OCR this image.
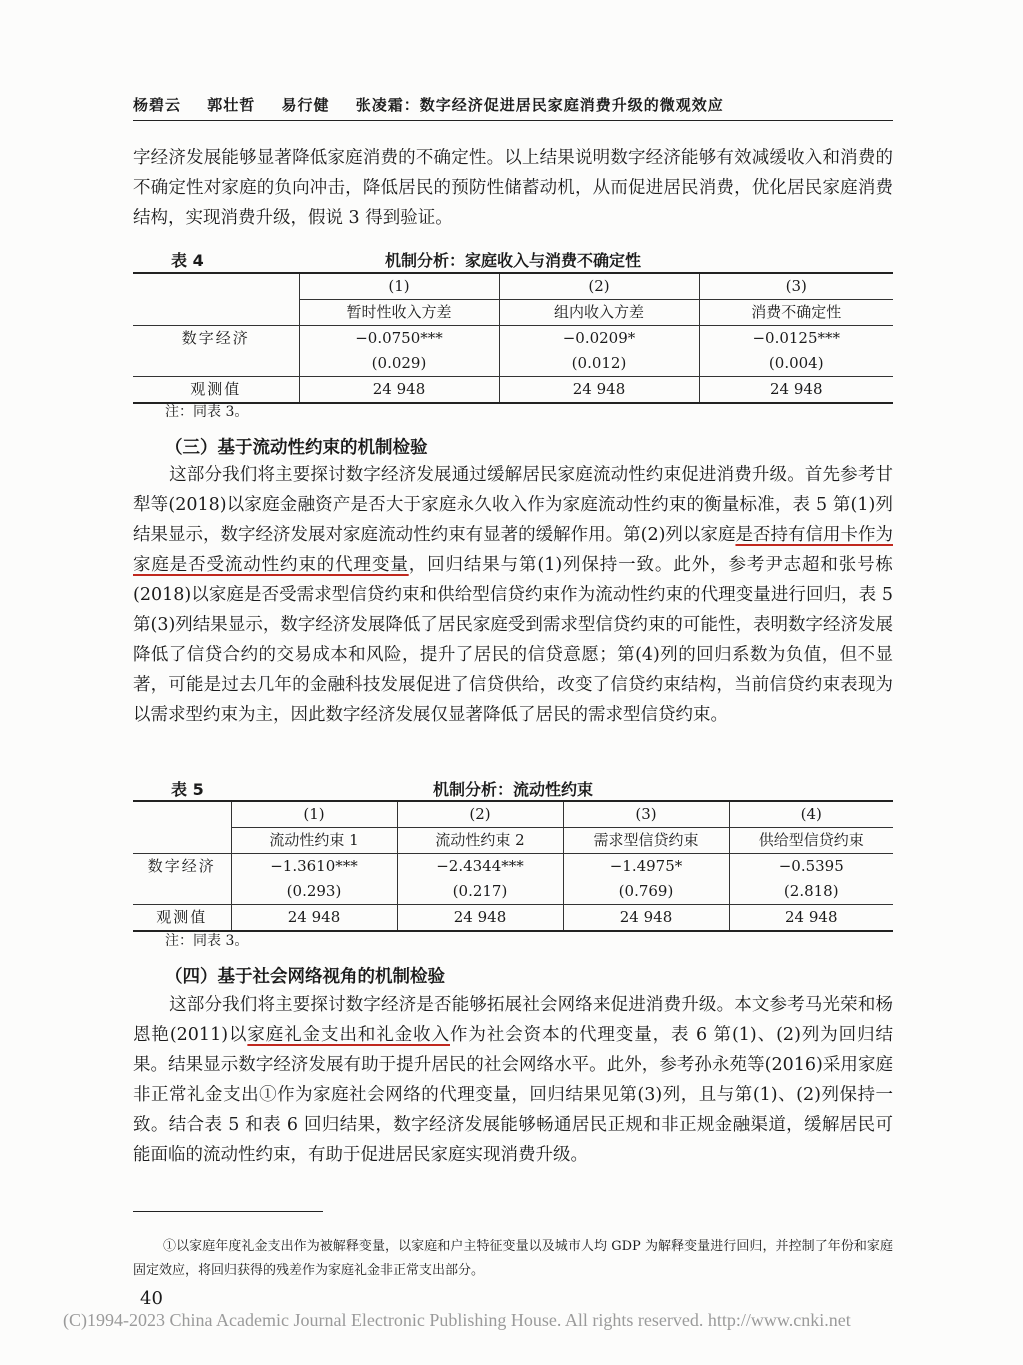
杨碧云 郭壮哲 易行健 张凌霜：数字经济促进居民家庭消费升级的微观效应

字经济发展能够显著降低家庭消费的不确定性。以上结果说明数字经济能够有效减缓收入和消费的不确定性对家庭的负向冲击，降低居民的预防性储蓄动机，从而促进居民消费，优化居民家庭消费结构，实现消费升级，假说 3 得到验证。

表 4	机制分析：家庭收入与消费不确定性
	(1)	(2)	(3)
	暂时性收入方差	组内收入方差	消费不确定性
数字经济	−0.0750***	−0.0209*	−0.0125***
	(0.029)	(0.012)	(0.004)
观测值	24 948	24 948	24 948
注：同表 3。
（三）基于流动性约束的机制检验

这部分我们将主要探讨数字经济发展通过缓解居民家庭流动性约束促进消费升级。首先参考甘犁等(2018)以家庭金融资产是否大于家庭永久收入作为家庭流动性约束的衡量标准，表 5 第(1)列结果显示，数字经济发展对家庭流动性约束有显著的缓解作用。第(2)列以家庭是否持有信用卡作为家庭是否受流动性约束的代理变量，回归结果与第(1)列保持一致。此外，参考尹志超和张号栋(2018)以家庭是否受需求型信贷约束和供给型信贷约束作为流动性约束的代理变量进行回归，表 5 第(3)列结果显示，数字经济发展降低了居民家庭受到需求型信贷约束的可能性，表明数字经济发展降低了信贷合约的交易成本和风险，提升了居民的信贷意愿；第(4)列的回归系数为负值，但不显著，可能是过去几年的金融科技发展促进了信贷供给，改变了信贷约束结构，当前信贷约束表现为以需求型约束为主，因此数字经济发展仅显著降低了居民的需求型信贷约束。

表 5	机制分析：流动性约束
	(1)	(2)	(3)	(4)
	流动性约束 1	流动性约束 2	需求型信贷约束	供给型信贷约束
数字经济	−1.3610***	−2.4344***	−1.4975*	−0.5395
	(0.293)	(0.217)	(0.769)	(2.818)
观测值	24 948	24 948	24 948	24 948
注：同表 3。
（四）基于社会网络视角的机制检验

这部分我们将主要探讨数字经济是否能够拓展社会网络来促进消费升级。本文参考马光荣和杨恩艳(2011)以家庭礼金支出和礼金收入作为社会资本的代理变量，表 6 第(1)、(2)列为回归结果。结果显示数字经济发展有助于提升居民的社会网络水平。此外，参考孙永苑等(2016)采用家庭非正常礼金支出①作为家庭社会网络的代理变量，回归结果见第(3)列，且与第(1)、(2)列保持一致。结合表 5 和表 6 回归结果，数字经济发展能够畅通居民正规和非正规金融渠道，缓解居民可能面临的流动性约束，有助于促进居民家庭实现消费升级。

①以家庭年度礼金支出作为被解释变量，以家庭和户主特征变量以及城市人均 GDP 为解释变量进行回归，并控制了年份和家庭固定效应，将回归获得的残差作为家庭礼金非正常支出部分。
40
(C)1994-2023 China Academic Journal Electronic Publishing House. All rights reserved. http://www.cnki.net
